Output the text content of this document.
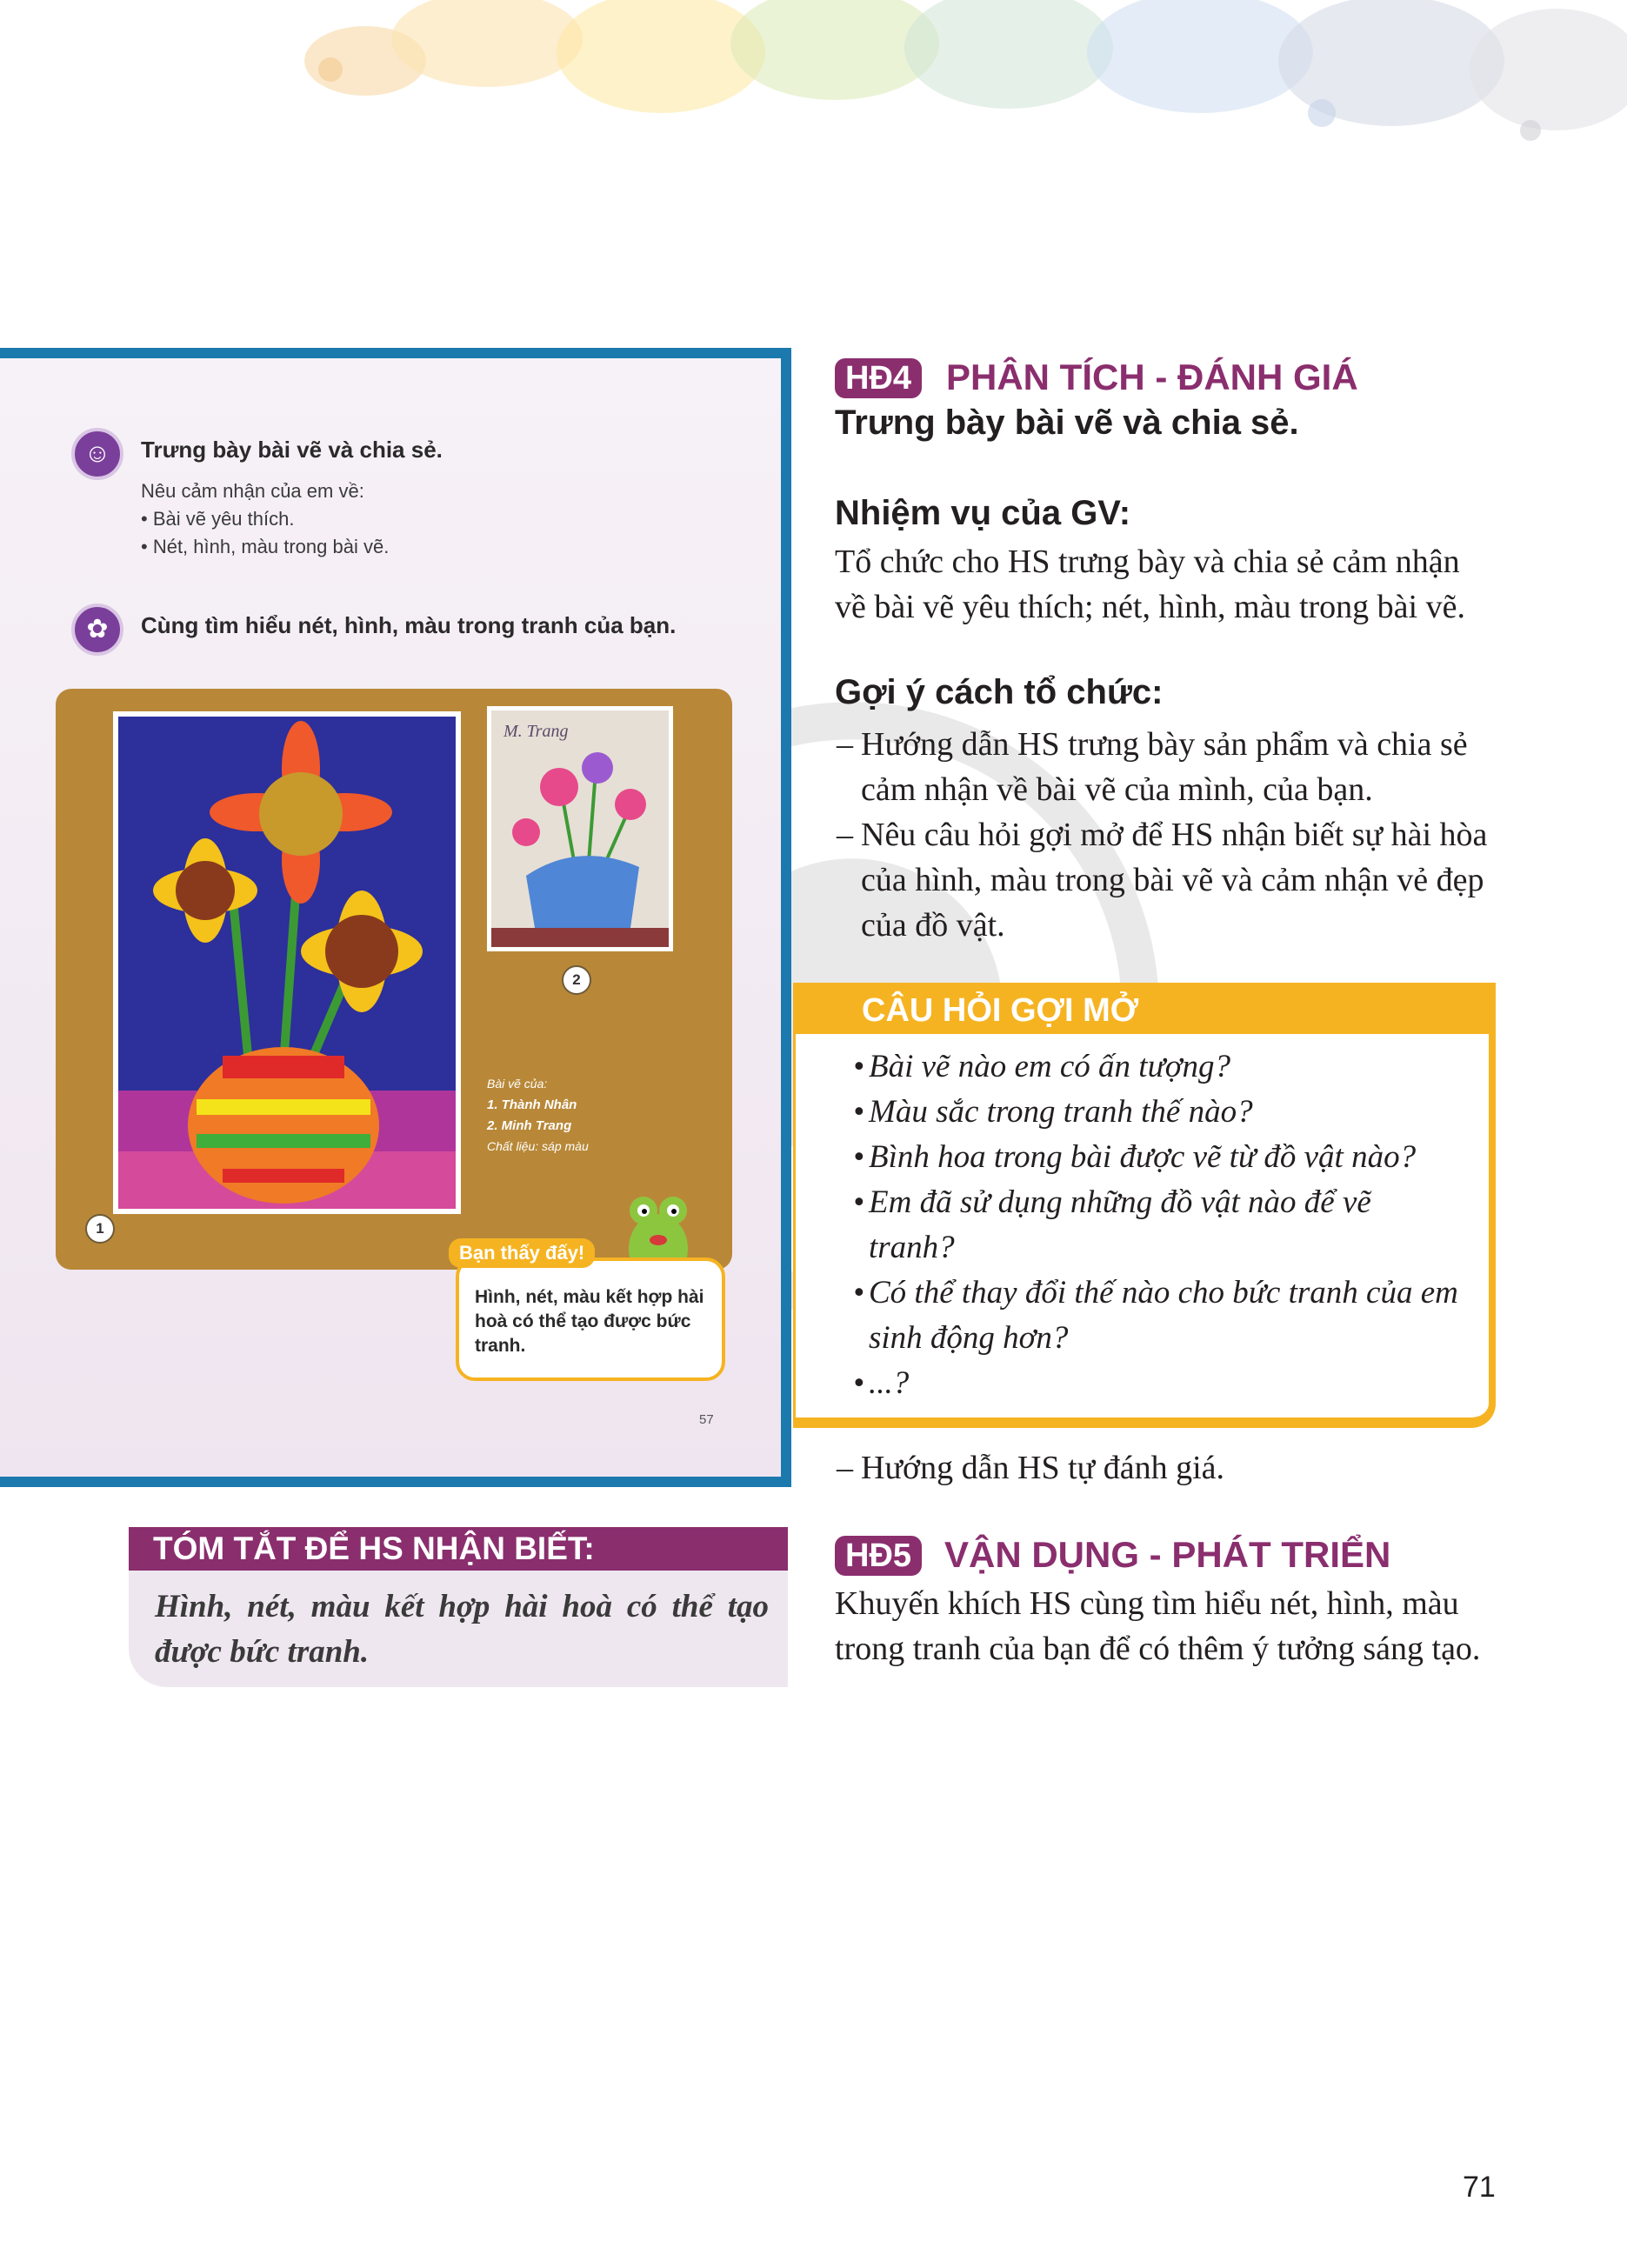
☺	Trưng bày bài vẽ và chia sẻ.
Nêu cảm nhận của em về:
• Bài vẽ yêu thích.
• Nét, hình, màu trong bài vẽ.
✿	Cùng tìm hiểu nét, hình, màu trong tranh của bạn.
M. Trang
2
1
Bài vẽ của:
1. Thành Nhân
2. Minh Trang
Chất liệu: sáp màu
Bạn thấy đấy!
Hình, nét, màu kết hợp hài hoà có thể tạo được bức tranh.
57
TÓM TẮT ĐỂ HS NHẬN BIẾT:
Hình, nét, màu kết hợp hài hoà có thể tạo được bức tranh.
HĐ4 PHÂN TÍCH - ĐÁNH GIÁ
Trưng bày bài vẽ và chia sẻ.
Nhiệm vụ của GV:
Tổ chức cho HS trưng bày và chia sẻ cảm nhận về bài vẽ yêu thích; nét, hình, màu trong bài vẽ.
Gợi ý cách tổ chức:
– Hướng dẫn HS trưng bày sản phẩm và chia sẻ cảm nhận về bài vẽ của mình, của bạn.
– Nêu câu hỏi gợi mở để HS nhận biết sự hài hòa của hình, màu trong bài vẽ và cảm nhận vẻ đẹp của đồ vật.
CÂU HỎI GỢI MỞ
• Bài vẽ nào em có ấn tượng?
• Màu sắc trong tranh thế nào?
• Bình hoa trong bài được vẽ từ đồ vật nào?
• Em đã sử dụng những đồ vật nào để vẽ tranh?
• Có thể thay đổi thế nào cho bức tranh của em sinh động hơn?
• ...?
– Hướng dẫn HS tự đánh giá.
HĐ5 VẬN DỤNG - PHÁT TRIỂN
Khuyến khích HS cùng tìm hiểu nét, hình, màu trong tranh của bạn để có thêm ý tưởng sáng tạo.
71
